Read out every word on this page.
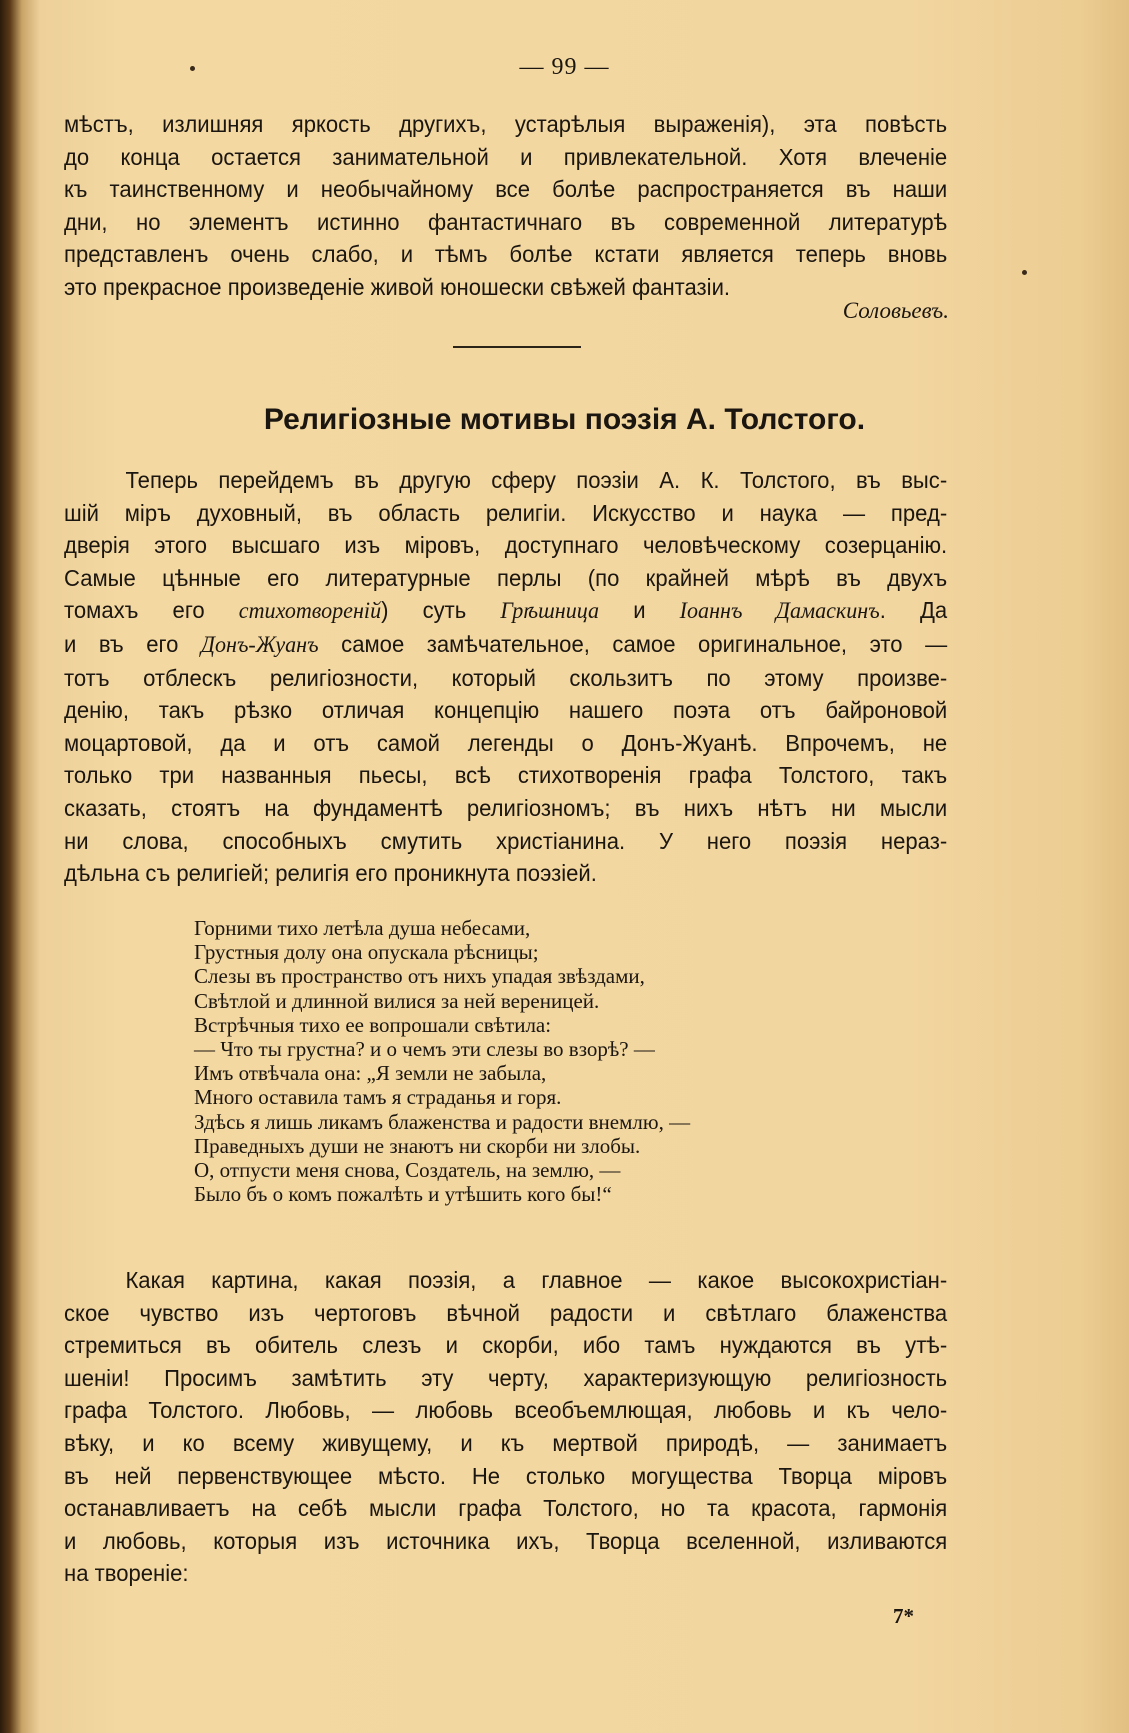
— 99 —
мѣстъ, излишняя яркость другихъ, устарѣлыя выраженія), эта повѣсть
до конца остается занимательной и привлекательной. Хотя влеченіе
къ таинственному и необычайному все болѣе распространяется въ наши
дни, но элементъ истинно фантастичнаго въ современной литературѣ
представленъ очень слабо, и тѣмъ болѣе кстати является теперь вновь
это прекрасное произведеніе живой юношески свѣжей фантазіи.
Соловьевъ.
Религіозные мотивы поэзія А. Толстого.
Теперь перейдемъ въ другую сферу поэзіи А. К. Толстого, въ выс-
шій міръ духовный, въ область религіи. Искусство и наука — пред-
дверія этого высшаго изъ міровъ, доступнаго человѣческому созерцанію.
Самые цѣнные его литературные перлы (по крайней мѣрѣ въ двухъ
томахъ его стихотвореній) суть Грѣшница и Іоаннъ Дамаскинъ. Да
и въ его Донъ-Жуанъ самое замѣчательное, самое оригинальное, это —
тотъ отблескъ религіозности, который скользитъ по этому произве-
денію, такъ рѣзко отличая концепцію нашего поэта отъ байроновой
моцартовой, да и отъ самой легенды о Донъ-Жуанѣ. Впрочемъ, не
только три названныя пьесы, всѣ стихотворенія графа Толстого, такъ
сказать, стоятъ на фундаментѣ религіозномъ; въ нихъ нѣтъ ни мысли
ни слова, способныхъ смутить христіанина. У него поэзія нераз-
дѣльна съ религіей; религія его проникнута поэзіей.
Горними тихо летѣла душа небесами,
Грустныя долу она опускала рѣсницы;
Слезы въ пространство отъ нихъ упадая звѣздами,
Свѣтлой и длинной вилися за ней вереницей.
Встрѣчныя тихо ее вопрошали свѣтила:
— Что ты грустна? и о чемъ эти слезы во взорѣ? —
Имъ отвѣчала она: „Я земли не забыла,
Много оставила тамъ я страданья и горя.
Здѣсь я лишь ликамъ блаженства и радости внемлю, —
Праведныхъ души не знаютъ ни скорби ни злобы.
О, отпусти меня снова, Создатель, на землю, —
Было бъ о комъ пожалѣть и утѣшить кого бы!“
Какая картина, какая поэзія, а главное — какое высокохристіан-
ское чувство изъ чертоговъ вѣчной радости и свѣтлаго блаженства
стремиться въ обитель слезъ и скорби, ибо тамъ нуждаются въ утѣ-
шеніи! Просимъ замѣтить эту черту, характеризующую религіозность
графа Толстого. Любовь, — любовь всеобъемлющая, любовь и къ чело-
вѣку, и ко всему живущему, и къ мертвой природѣ, — занимаетъ
въ ней первенствующее мѣсто. Не столько могущества Творца міровъ
останавливаетъ на себѣ мысли графа Толстого, но та красота, гармонія
и любовь, которыя изъ источника ихъ, Творца вселенной, изливаются
на твореніе:
7*
